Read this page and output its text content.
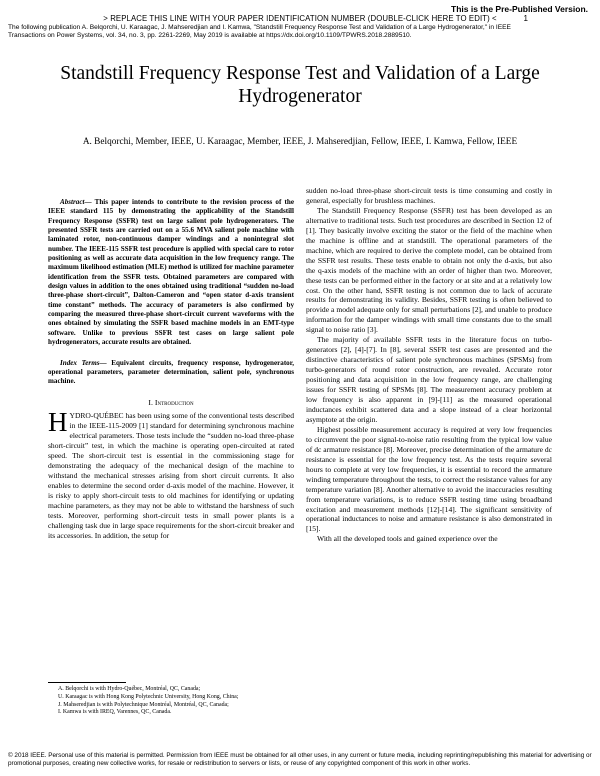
This is the Pre-Published Version.
> REPLACE THIS LINE WITH YOUR PAPER IDENTIFICATION NUMBER (DOUBLE-CLICK HERE TO EDIT) <	1
The following publication A. Belqorchi, U. Karaagac, J. Mahseredjian and I. Kamwa, "Standstill Frequency Response Test and Validation of a Large Hydrogenerator," in IEEE Transactions on Power Systems, vol. 34, no. 3, pp. 2261-2269, May 2019 is available at https://dx.doi.org/10.1109/TPWRS.2018.2889510.
Standstill Frequency Response Test and Validation of a Large Hydrogenerator
A. Belqorchi, Member, IEEE, U. Karaagac, Member, IEEE, J. Mahseredjian, Fellow, IEEE, I. Kamwa, Fellow, IEEE

Abstract— This paper intends to contribute to the revision process of the IEEE standard 115 by demonstrating the applicability of the Standstill Frequency Response (SSFR) test on large salient pole hydrogenerators. The presented SSFR tests are carried out on a 55.6 MVA salient pole machine with laminated rotor, non-continuous damper windings and a nonintegral slot number. The IEEE-115 SSFR test procedure is applied with special care to rotor positioning as well as accurate data acquisition in the low frequency range. The maximum likelihood estimation (MLE) method is utilized for machine parameter identification from the SSFR tests. Obtained parameters are compared with design values in addition to the ones obtained using traditional “sudden no-load three-phase short-circuit”, Dalton-Cameron and “open stator d-axis transient time constant” methods. The accuracy of parameters is also confirmed by comparing the measured three-phase short-circuit current waveforms with the ones obtained by simulating the SSFR based machine models in an EMT-type software. Unlike to previous SSFR test cases on large salient pole hydrogenerators, accurate results are obtained.

Index Terms— Equivalent circuits, frequency response, hydrogenerator, operational parameters, parameter determination, salient pole, synchronous machine.

I. Introduction

HYDRO-QUÉBEC has been using some of the conventional tests described in the IEEE-115-2009 [1] standard for determining synchronous machine electrical parameters. Those tests include the “sudden no-load three-phase short-circuit” test, in which the machine is operating open-circuited at rated speed. The short-circuit test is essential in the commissioning stage for demonstrating the adequacy of the mechanical design of the machine to withstand the mechanical stresses arising from short circuit currents. It also enables to determine the second order d-axis model of the machine. However, it is risky to apply short-circuit tests to old machines for identifying or updating machine parameters, as they may not be able to withstand the harshness of such tests. Moreover, performing short-circuit tests in small power plants is a challenging task due in large space requirements for the short-circuit breaker and its accessories. In addition, the setup for

sudden no-load three-phase short-circuit tests is time consuming and costly in general, especially for brushless machines.

The Standstill Frequency Response (SSFR) test has been developed as an alternative to traditional tests. Such test procedures are described in Section 12 of [1]. They basically involve exciting the stator or the field of the machine when the machine is offline and at standstill. The operational parameters of the machine, which are required to derive the complete model, can be obtained from the SSFR test results. These tests enable to obtain not only the d-axis, but also the q-axis models of the machine with an order of higher than two. Moreover, these tests can be performed either in the factory or at site and at a relatively low cost. On the other hand, SSFR testing is not common due to lack of accurate results for demonstrating its validity. Besides, SSFR testing is often believed to provide a model adequate only for small perturbations [2], and unable to produce information for the damper windings with small time constants due to the small signal to noise ratio [3].

The majority of available SSFR tests in the literature focus on turbo-generators [2], [4]-[7]. In [8], several SSFR test cases are presented and the distinctive characteristics of salient pole synchronous machines (SPSMs) from turbo-generators of round rotor construction, are revealed. Accurate rotor positioning and data acquisition in the low frequency range, are challenging issues for SSFR testing of SPSMs [8]. The measurement accuracy problem at low frequency is also apparent in [9]-[11] as the measured operational inductances exhibit scattered data and a slope instead of a clear horizontal asymptote at the origin.

Highest possible measurement accuracy is required at very low frequencies to circumvent the poor signal-to-noise ratio resulting from the typical low value of dc armature resistance [8]. Moreover, precise determination of the armature dc resistance is essential for the low frequency test. As the tests require several hours to complete at very low frequencies, it is essential to record the armature winding temperature throughout the tests, to correct the resistance values for any temperature variation [8]. Another alternative to avoid the inaccuracies resulting from temperature variations, is to reduce SSFR testing time using broadband excitation and measurement methods [12]-[14]. The significant sensitivity of operational inductances to noise and armature resistance is also demonstrated in [15].

With all the developed tools and gained experience over the

A. Belqorchi is with Hydro-Québec, Montréal, QC, Canada;

U. Karaagac is with Hong Kong Polytechnic University, Hong Kong, China;

J. Mahseredjian is with Polytechnique Montréal, Montréal, QC, Canada;

I. Kamwa is with IREQ, Varennes, QC, Canada.

© 2018 IEEE. Personal use of this material is permitted. Permission from IEEE must be obtained for all other uses, in any current or future media, including reprinting/republishing this material for advertising or promotional purposes, creating new collective works, for resale or redistribution to servers or lists, or reuse of any copyrighted component of this work in other works.
